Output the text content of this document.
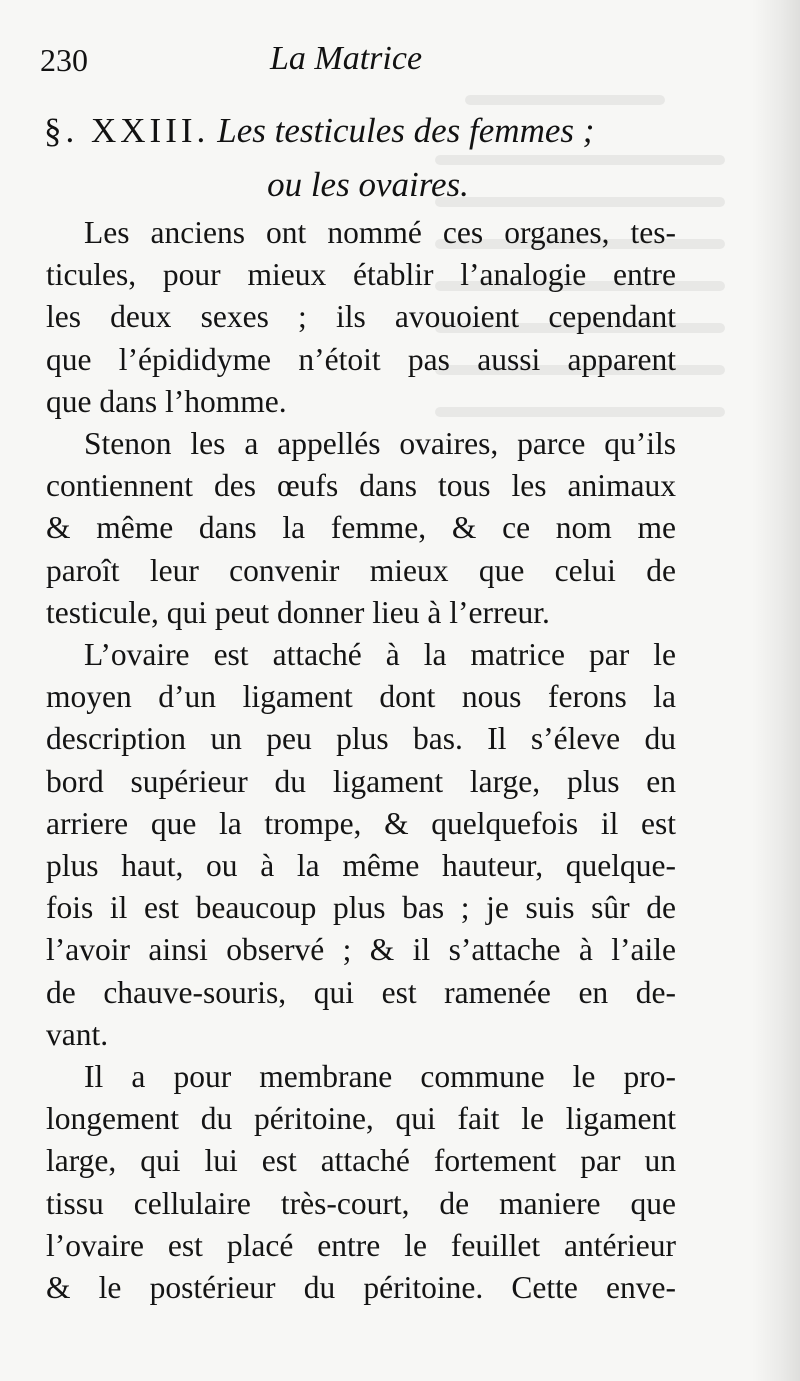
230	La Matrice
§. XXIII. Les testicules des femmes ;
ou les ovaires.

Les anciens ont nommé ces organes, tes-
ticules, pour mieux établir l’analogie entre
les deux sexes ; ils avouoient cependant
que l’épididyme n’étoit pas aussi apparent
que dans l’homme.

Stenon les a appellés ovaires, parce qu’ils
contiennent des œufs dans tous les animaux
& même dans la femme, & ce nom me
paroît leur convenir mieux que celui de
testicule, qui peut donner lieu à l’erreur.

L’ovaire est attaché à la matrice par le
moyen d’un ligament dont nous ferons la
description un peu plus bas. Il s’éleve du
bord supérieur du ligament large, plus en
arriere que la trompe, & quelquefois il est
plus haut, ou à la même hauteur, quelque-
fois il est beaucoup plus bas ; je suis sûr de
l’avoir ainsi observé ; & il s’attache à l’aile
de chauve-souris, qui est ramenée en de-
vant.

Il a pour membrane commune le pro-
longement du péritoine, qui fait le ligament
large, qui lui est attaché fortement par un
tissu cellulaire très-court, de maniere que
l’ovaire est placé entre le feuillet antérieur
& le postérieur du péritoine. Cette enve-
